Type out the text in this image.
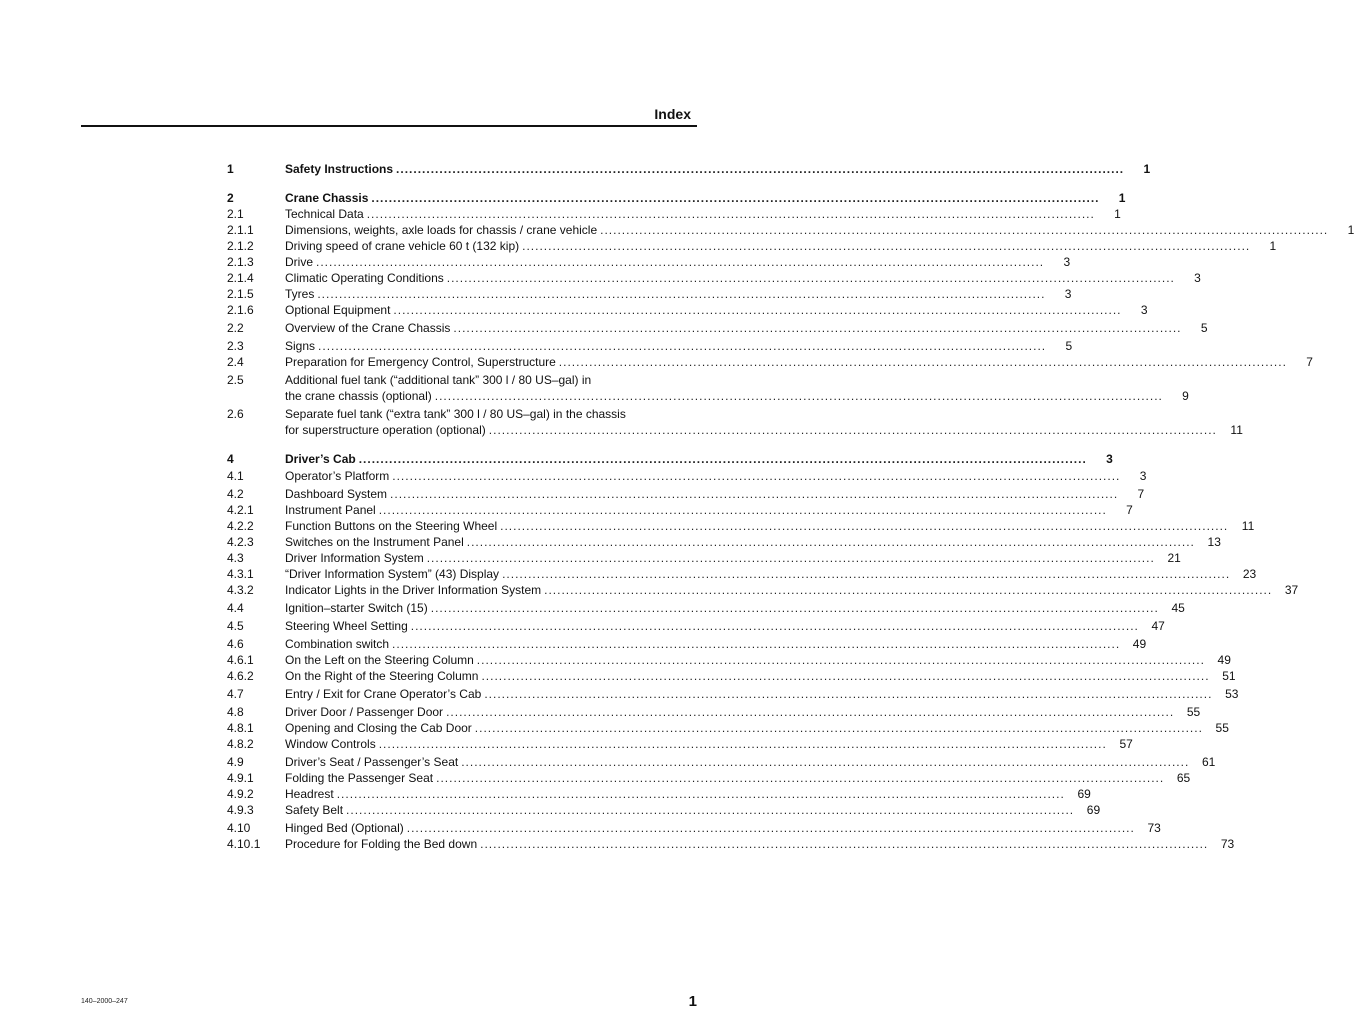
Index
1	Safety Instructions .....	1
2	Crane Chassis .....	1
2.1	Technical Data .....	1
2.1.1	Dimensions, weights, axle loads for chassis / crane vehicle .....	1
2.1.2	Driving speed of crane vehicle 60 t (132 kip) .....	1
2.1.3	Drive .....	3
2.1.4	Climatic Operating Conditions .....	3
2.1.5	Tyres .....	3
2.1.6	Optional Equipment .....	3
2.2	Overview of the Crane Chassis .....	5
2.3	Signs .....	5
2.4	Preparation for Emergency Control, Superstructure .....	7
2.5	Additional fuel tank (“additional tank” 300 l / 80 US–gal) in
the crane chassis (optional) .....	9
2.6	Separate fuel tank (“extra tank” 300 l / 80 US–gal) in the chassis
for superstructure operation (optional) .....	11
4	Driver’s Cab .....	3
4.1	Operator’s Platform .....	3
4.2	Dashboard System .....	7
4.2.1	Instrument Panel .....	7
4.2.2	Function Buttons on the Steering Wheel .....	11
4.2.3	Switches on the Instrument Panel .....	13
4.3	Driver Information System .....	21
4.3.1	“Driver Information System” (43) Display .....	23
4.3.2	Indicator Lights in the Driver Information System .....	37
4.4	Ignition–starter Switch (15) .....	45
4.5	Steering Wheel Setting .....	47
4.6	Combination switch .....	49
4.6.1	On the Left on the Steering Column .....	49
4.6.2	On the Right of the Steering Column .....	51
4.7	Entry / Exit for Crane Operator’s Cab .....	53
4.8	Driver Door / Passenger Door .....	55
4.8.1	Opening and Closing the Cab Door .....	55
4.8.2	Window Controls .....	57
4.9	Driver’s Seat / Passenger’s Seat .....	61
4.9.1	Folding the Passenger Seat .....	65
4.9.2	Headrest .....	69
4.9.3	Safety Belt .....	69
4.10	Hinged Bed (Optional) .....	73
4.10.1	Procedure for Folding the Bed down .....	73
140–2000–247	1
